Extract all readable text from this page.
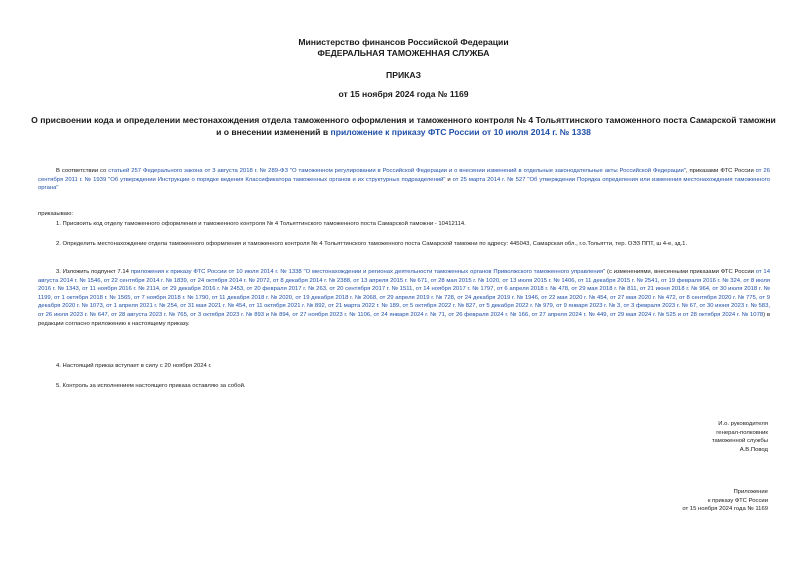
Министерство финансов Российской Федерации
ФЕДЕРАЛЬНАЯ ТАМОЖЕННАЯ СЛУЖБА
ПРИКАЗ
от 15 ноября 2024 года № 1169
О присвоении кода и определении местонахождения отдела таможенного оформления и таможенного контроля № 4 Тольяттинского таможенного поста Самарской таможни и о внесении изменений в приложение к приказу ФТС России от 10 июля 2014 г. № 1338
В соответствии со статьей 257 Федерального закона от 3 августа 2018 г. № 289-ФЗ "О таможенном регулировании в Российской Федерации и о внесении изменений в отдельные законодательные акты Российской Федерации", приказами ФТС России от 26 сентября 2011 г. № 1939 "Об утверждении Инструкции о порядке ведения Классификатора таможенных органов и их структурных подразделений" и от 25 марта 2014 г. № 527 "Об утверждении Порядка определения или изменения местонахождения таможенного органа"
приказываю:
1. Присвоить код отделу таможенного оформления и таможенного контроля № 4 Тольяттинского таможенного поста Самарской таможни - 10412114.
2. Определить местонахождение отдела таможенного оформления и таможенного контроля № 4 Тольяттинского таможенного поста Самарской таможни по адресу: 445043, Самарская обл., г.о.Тольятти, тер. ОЭЗ ППТ, ш 4-е, зд.1.
3. Изложить подпункт 7.14 приложения к приказу ФТС России от 10 июля 2014 г. № 1338 "О местонахождении и регионах деятельности таможенных органов Приволжского таможенного управления" (с изменениями, внесенными приказами ФТС России от 14 августа 2014 г. № 1546, от 22 сентября 2014 г. № 1839, от 24 октября 2014 г. № 2072, от 8 декабря 2014 г. № 2388, от 13 апреля 2015 г. № 671, от 28 мая 2015 г. № 1020, от 13 июля 2015 г. № 1406, от 11 декабря 2015 г. № 2541, от 19 февраля 2016 г. № 324, от 8 июля 2016 г. № 1343, от 11 ноября 2016 г. № 2114, от 29 декабря 2016 г. № 2453, от 20 февраля 2017 г. № 263, от 20 сентября 2017 г. № 1511, от 14 ноября 2017 г. № 1797, от 6 апреля 2018 г. № 478, от 29 мая 2018 г. № 811, от 21 июня 2018 г. № 964, от 30 июля 2018 г. № 1199, от 1 октября 2018 г. № 1565, от 7 ноября 2018 г. № 1790, от 11 декабря 2018 г. № 2020, от 19 декабря 2018 г. № 2068, от 29 апреля 2019 г. № 728, от 24 декабря 2019 г. № 1946, от 22 мая 2020 г. № 454, от 27 мая 2020 г. № 472, от 8 сентября 2020 г. № 775, от 9 декабря 2020 г. № 1073, от 1 апреля 2021 г. № 254, от 31 мая 2021 г. № 454, от 11 октября 2021 г. № 892, от 21 марта 2022 г. № 189, от 5 октября 2022 г. № 827, от 5 декабря 2022 г. № 979, от 9 января 2023 г. № 3, от 3 февраля 2023 г. № 67, от 30 июня 2023 г. № 583, от 26 июля 2023 г. № 647, от 28 августа 2023 г. № 765, от 3 октября 2023 г. № 893 и № 894, от 27 ноября 2023 г. № 1106, от 24 января 2024 г. № 71, от 26 февраля 2024 г. № 166, от 27 апреля 2024 г. № 449, от 29 мая 2024 г. № 525 и от 28 октября 2024 г. № 1078) в редакции согласно приложению к настоящему приказу.
4. Настоящий приказ вступает в силу с 20 ноября 2024 г.
5. Контроль за исполнением настоящего приказа оставляю за собой.
И.о. руководителя
генерал-полковник
таможенной службы
А.В.Повод
Приложение
к приказу ФТС России
от 15 ноября 2024 года № 1169
